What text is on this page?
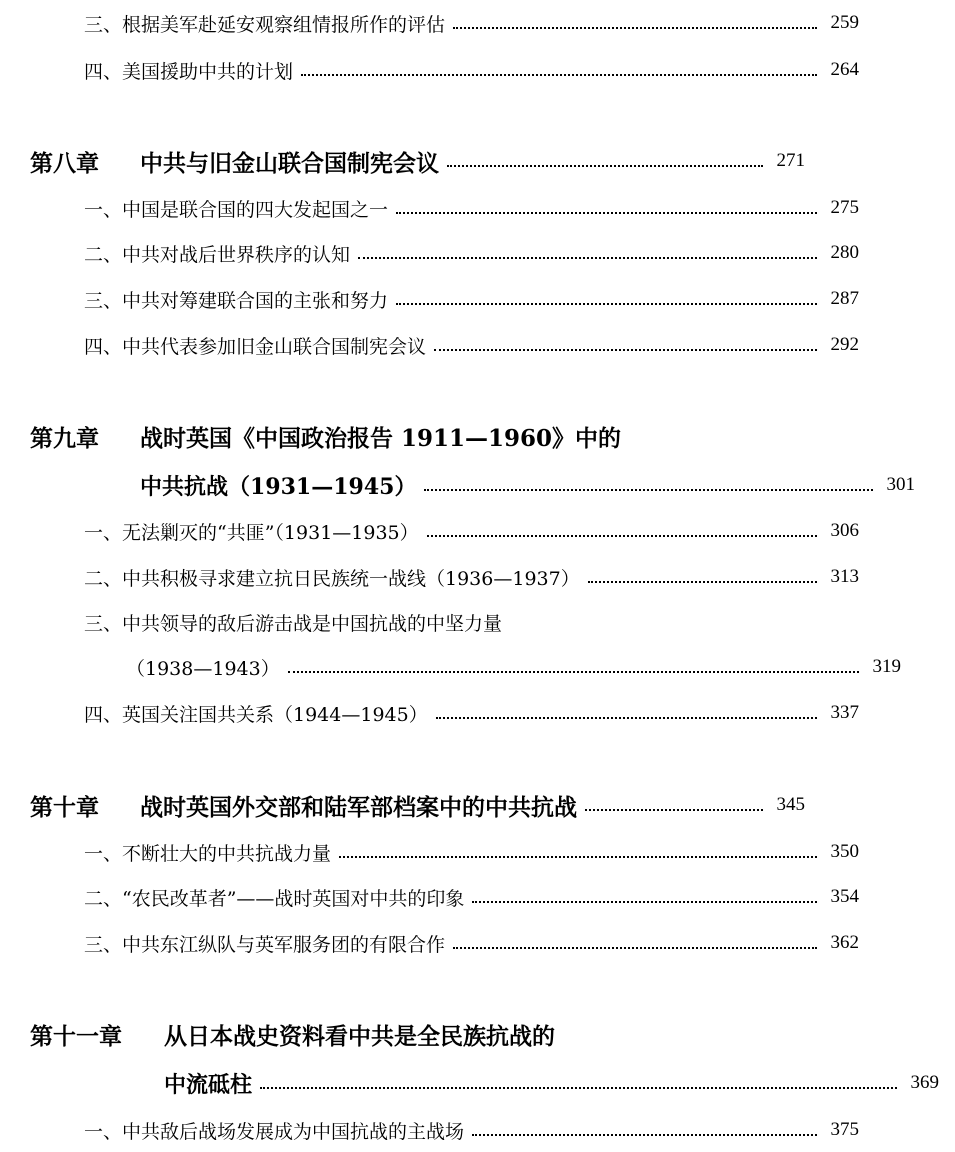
三、根据美军赴延安观察组情报所作的评估	259
四、美国援助中共的计划	264
第八章 中共与旧金山联合国制宪会议	271
一、中国是联合国的四大发起国之一	275
二、中共对战后世界秩序的认知	280
三、中共对筹建联合国的主张和努力	287
四、中共代表参加旧金山联合国制宪会议	292
第九章 战时英国《中国政治报告 1911—1960》中的
中共抗战（1931—1945）	301
一、无法剿灭的“共匪”（1931—1935）	306
二、中共积极寻求建立抗日民族统一战线（1936—1937）	313
三、中共领导的敌后游击战是中国抗战的中坚力量
（1938—1943）	319
四、英国关注国共关系（1944—1945）	337
第十章 战时英国外交部和陆军部档案中的中共抗战	345
一、不断壮大的中共抗战力量	350
二、“农民改革者”——战时英国对中共的印象	354
三、中共东江纵队与英军服务团的有限合作	362
第十一章 从日本战史资料看中共是全民族抗战的
中流砥柱	369
一、中共敌后战场发展成为中国抗战的主战场	375
